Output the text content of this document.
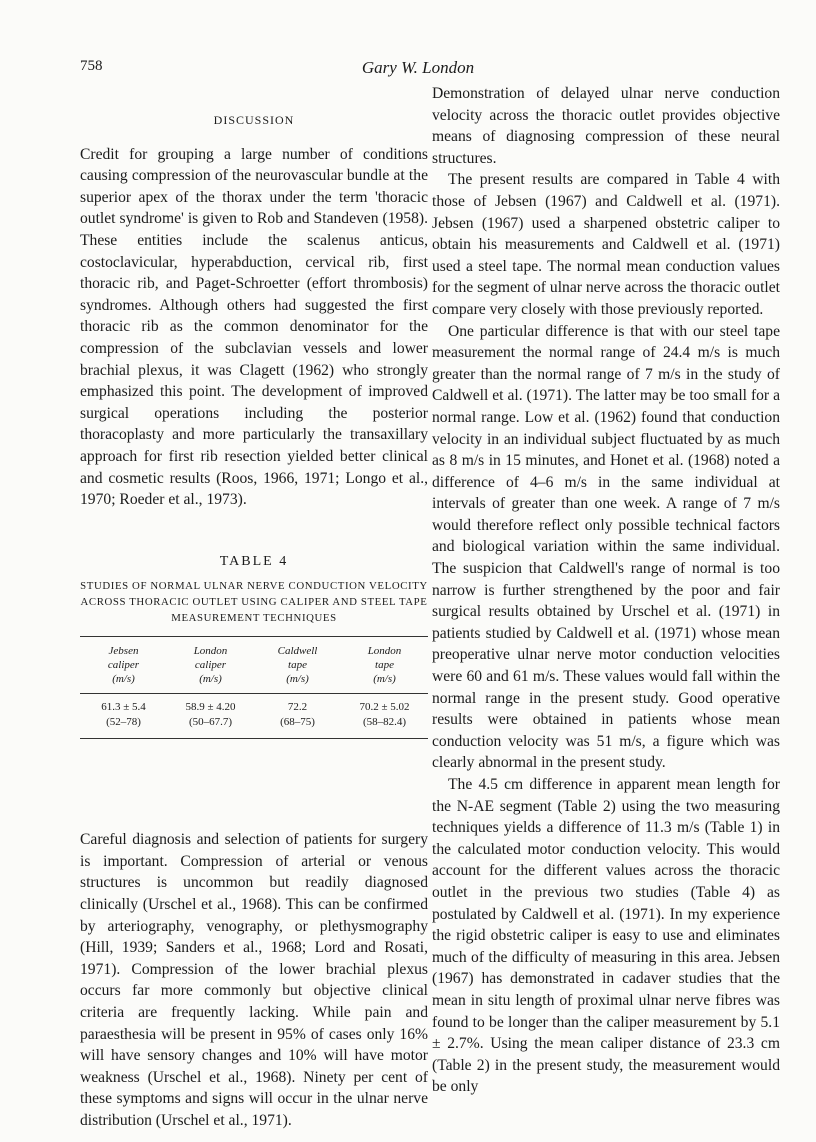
758	Gary W. London
DISCUSSION

Credit for grouping a large number of conditions causing compression of the neurovascular bundle at the superior apex of the thorax under the term 'thoracic outlet syndrome' is given to Rob and Standeven (1958). These entities include the scalenus anticus, costoclavicular, hyperabduction, cervical rib, first thoracic rib, and Paget-Schroetter (effort thrombosis) syndromes. Although others had suggested the first thoracic rib as the common denominator for the compression of the subclavian vessels and lower brachial plexus, it was Clagett (1962) who strongly emphasized this point. The development of improved surgical operations including the posterior thoracoplasty and more particularly the transaxillary approach for first rib resection yielded better clinical and cosmetic results (Roos, 1966, 1971; Longo et al., 1970; Roeder et al., 1973).

TABLE 4
STUDIES OF NORMAL ULNAR NERVE CONDUCTION VELOCITY ACROSS THORACIC OUTLET USING CALIPER AND STEEL TAPE MEASUREMENT TECHNIQUES
Jebsen
caliper
(m/s)	London
caliper
(m/s)	Caldwell
tape
(m/s)	London
tape
(m/s)

61.3 ± 5.4
(52–78)	58.9 ± 4.20
(50–67.7)	72.2
(68–75)	70.2 ± 5.02
(58–82.4)

Careful diagnosis and selection of patients for surgery is important. Compression of arterial or venous structures is uncommon but readily diagnosed clinically (Urschel et al., 1968). This can be confirmed by arteriography, venography, or plethysmography (Hill, 1939; Sanders et al., 1968; Lord and Rosati, 1971). Compression of the lower brachial plexus occurs far more commonly but objective clinical criteria are frequently lacking. While pain and paraesthesia will be present in 95% of cases only 16% will have sensory changes and 10% will have motor weakness (Urschel et al., 1968). Ninety per cent of these symptoms and signs will occur in the ulnar nerve distribution (Urschel et al., 1971).

Demonstration of delayed ulnar nerve conduction velocity across the thoracic outlet provides objective means of diagnosing compression of these neural structures.

The present results are compared in Table 4 with those of Jebsen (1967) and Caldwell et al. (1971). Jebsen (1967) used a sharpened obstetric caliper to obtain his measurements and Caldwell et al. (1971) used a steel tape. The normal mean conduction values for the segment of ulnar nerve across the thoracic outlet compare very closely with those previously reported.

One particular difference is that with our steel tape measurement the normal range of 24.4 m/s is much greater than the normal range of 7 m/s in the study of Caldwell et al. (1971). The latter may be too small for a normal range. Low et al. (1962) found that conduction velocity in an individual subject fluctuated by as much as 8 m/s in 15 minutes, and Honet et al. (1968) noted a difference of 4–6 m/s in the same individual at intervals of greater than one week. A range of 7 m/s would therefore reflect only possible technical factors and biological variation within the same individual. The suspicion that Caldwell's range of normal is too narrow is further strengthened by the poor and fair surgical results obtained by Urschel et al. (1971) in patients studied by Caldwell et al. (1971) whose mean preoperative ulnar nerve motor conduction velocities were 60 and 61 m/s. These values would fall within the normal range in the present study. Good operative results were obtained in patients whose mean conduction velocity was 51 m/s, a figure which was clearly abnormal in the present study.

The 4.5 cm difference in apparent mean length for the N-AE segment (Table 2) using the two measuring techniques yields a difference of 11.3 m/s (Table 1) in the calculated motor conduction velocity. This would account for the different values across the thoracic outlet in the previous two studies (Table 4) as postulated by Caldwell et al. (1971). In my experience the rigid obstetric caliper is easy to use and eliminates much of the difficulty of measuring in this area. Jebsen (1967) has demonstrated in cadaver studies that the mean in situ length of proximal ulnar nerve fibres was found to be longer than the caliper measurement by 5.1 ± 2.7%. Using the mean caliper distance of 23.3 cm (Table 2) in the present study, the measurement would be only
